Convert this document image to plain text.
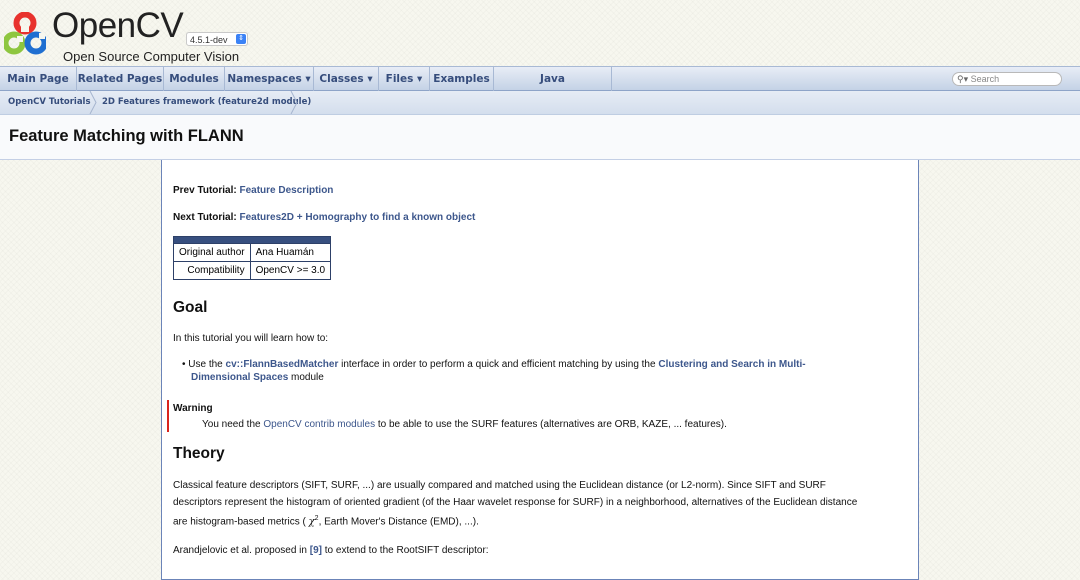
OpenCV
Open Source Computer Vision
4.5.1-dev ⇕
Main Page Related Pages Modules Namespaces ▾ Classes ▾	Files ▾	Examples	Java	⚲▾ Search
OpenCV Tutorials 2D Features framework (feature2d module)
Feature Matching with FLANN
Prev Tutorial: Feature Description
Next Tutorial: Features2D + Homography to find a known object

Original author	Ana Huamán
Compatibility	OpenCV >= 3.0
Goal
In this tutorial you will learn how to:
• Use the cv::FlannBasedMatcher interface in order to perform a quick and efficient matching by using the Clustering and Search in Multi-
Dimensional Spaces module
Warning
You need the OpenCV contrib modules to be able to use the SURF features (alternatives are ORB, KAZE, ... features).
Theory
Classical feature descriptors (SIFT, SURF, ...) are usually compared and matched using the Euclidean distance (or L2-norm). Since SIFT and SURF
descriptors represent the histogram of oriented gradient (of the Haar wavelet response for SURF) in a neighborhood, alternatives of the Euclidean distance
are histogram-based metrics ( $\chi^2$, Earth Mover's Distance (EMD), ...).
Arandjelovic et al. proposed in [9] to extend to the RootSIFT descriptor:
